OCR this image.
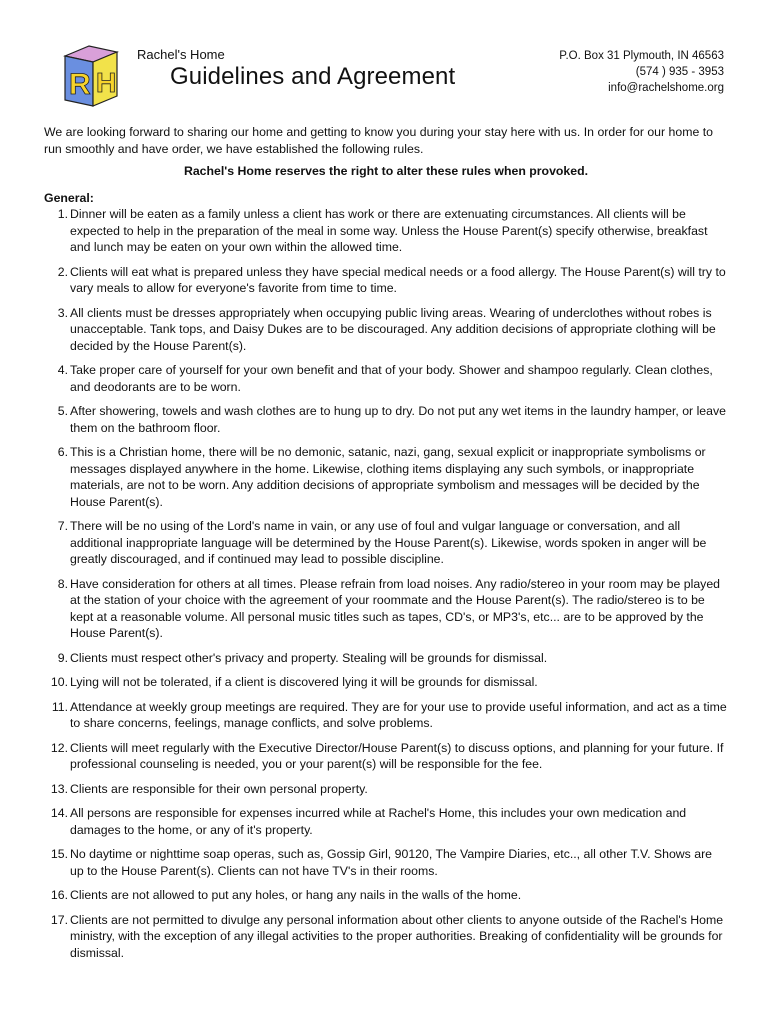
R H
Rachel's Home
Guidelines and Agreement
P.O. Box 31 Plymouth, IN 46563
(574 ) 935 - 3953
info@rachelshome.org

We are looking forward to sharing our home and getting to know you during your stay here with us. In order for our home to run smoothly and have order, we have established the following rules.

Rachel's Home reserves the right to alter these rules when provoked.

General:

1. Dinner will be eaten as a family unless a client has work or there are extenuating circumstances. All clients will be expected to help in the preparation of the meal in some way. Unless the House Parent(s) specify otherwise, breakfast and lunch may be eaten on your own within the allowed time.
2. Clients will eat what is prepared unless they have special medical needs or a food allergy. The House Parent(s) will try to vary meals to allow for everyone's favorite from time to time.
3. All clients must be dresses appropriately when occupying public living areas. Wearing of underclothes without robes is unacceptable. Tank tops, and Daisy Dukes are to be discouraged. Any addition decisions of appropriate clothing will be decided by the House Parent(s).
4. Take proper care of yourself for your own benefit and that of your body. Shower and shampoo regularly. Clean clothes, and deodorants are to be worn.
5. After showering, towels and wash clothes are to hung up to dry. Do not put any wet items in the laundry hamper, or leave them on the bathroom floor.
6. This is a Christian home, there will be no demonic, satanic, nazi, gang, sexual explicit or inappropriate symbolisms or messages displayed anywhere in the home. Likewise, clothing items displaying any such symbols, or inappropriate materials, are not to be worn. Any addition decisions of appropriate symbolism and messages will be decided by the House Parent(s).
7. There will be no using of the Lord's name in vain, or any use of foul and vulgar language or conversation, and all additional inappropriate language will be determined by the House Parent(s). Likewise, words spoken in anger will be greatly discouraged, and if continued may lead to possible discipline.
8. Have consideration for others at all times. Please refrain from load noises. Any radio/stereo in your room may be played at the station of your choice with the agreement of your roommate and the House Parent(s). The radio/stereo is to be kept at a reasonable volume. All personal music titles such as tapes, CD's, or MP3's, etc... are to be approved by the House Parent(s).
9. Clients must respect other's privacy and property. Stealing will be grounds for dismissal.
10. Lying will not be tolerated, if a client is discovered lying it will be grounds for dismissal.
11. Attendance at weekly group meetings are required. They are for your use to provide useful information, and act as a time to share concerns, feelings, manage conflicts, and solve problems.
12. Clients will meet regularly with the Executive Director/House Parent(s) to discuss options, and planning for your future. If professional counseling is needed, you or your parent(s) will be responsible for the fee.
13. Clients are responsible for their own personal property.
14. All persons are responsible for expenses incurred while at Rachel's Home, this includes your own medication and damages to the home, or any of it's property.
15. No daytime or nighttime soap operas, such as, Gossip Girl, 90120, The Vampire Diaries, etc.., all other T.V. Shows are up to the House Parent(s). Clients can not have TV's in their rooms.
16. Clients are not allowed to put any holes, or hang any nails in the walls of the home.
17. Clients are not permitted to divulge any personal information about other clients to anyone outside of the Rachel's Home ministry, with the exception of any illegal activities to the proper authorities. Breaking of confidentiality will be grounds for dismissal.
